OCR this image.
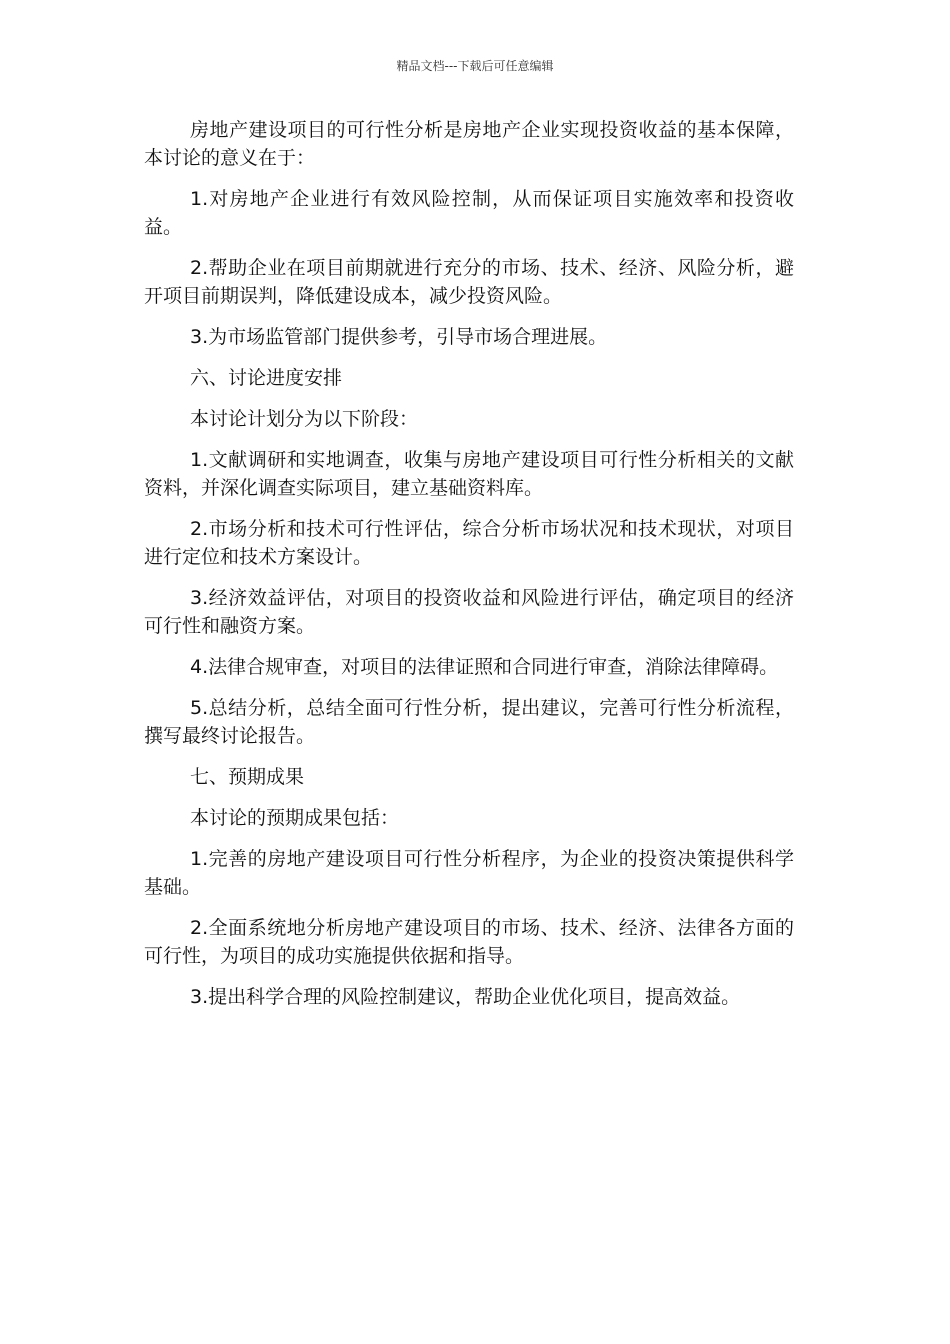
精品文档---下载后可任意编辑

房地产建设项目的可行性分析是房地产企业实现投资收益的基本保障，本讨论的意义在于：

1.对房地产企业进行有效风险控制，从而保证项目实施效率和投资收益。

2.帮助企业在项目前期就进行充分的市场、技术、经济、风险分析，避开项目前期误判，降低建设成本，减少投资风险。

3.为市场监管部门提供参考，引导市场合理进展。

六、讨论进度安排

本讨论计划分为以下阶段：

1.文献调研和实地调查，收集与房地产建设项目可行性分析相关的文献资料，并深化调查实际项目，建立基础资料库。

2.市场分析和技术可行性评估，综合分析市场状况和技术现状，对项目进行定位和技术方案设计。

3.经济效益评估，对项目的投资收益和风险进行评估，确定项目的经济可行性和融资方案。

4.法律合规审查，对项目的法律证照和合同进行审查，消除法律障碍。

5.总结分析，总结全面可行性分析，提出建议，完善可行性分析流程，撰写最终讨论报告。

七、预期成果

本讨论的预期成果包括：

1.完善的房地产建设项目可行性分析程序，为企业的投资决策提供科学基础。

2.全面系统地分析房地产建设项目的市场、技术、经济、法律各方面的可行性，为项目的成功实施提供依据和指导。

3.提出科学合理的风险控制建议，帮助企业优化项目，提高效益。
